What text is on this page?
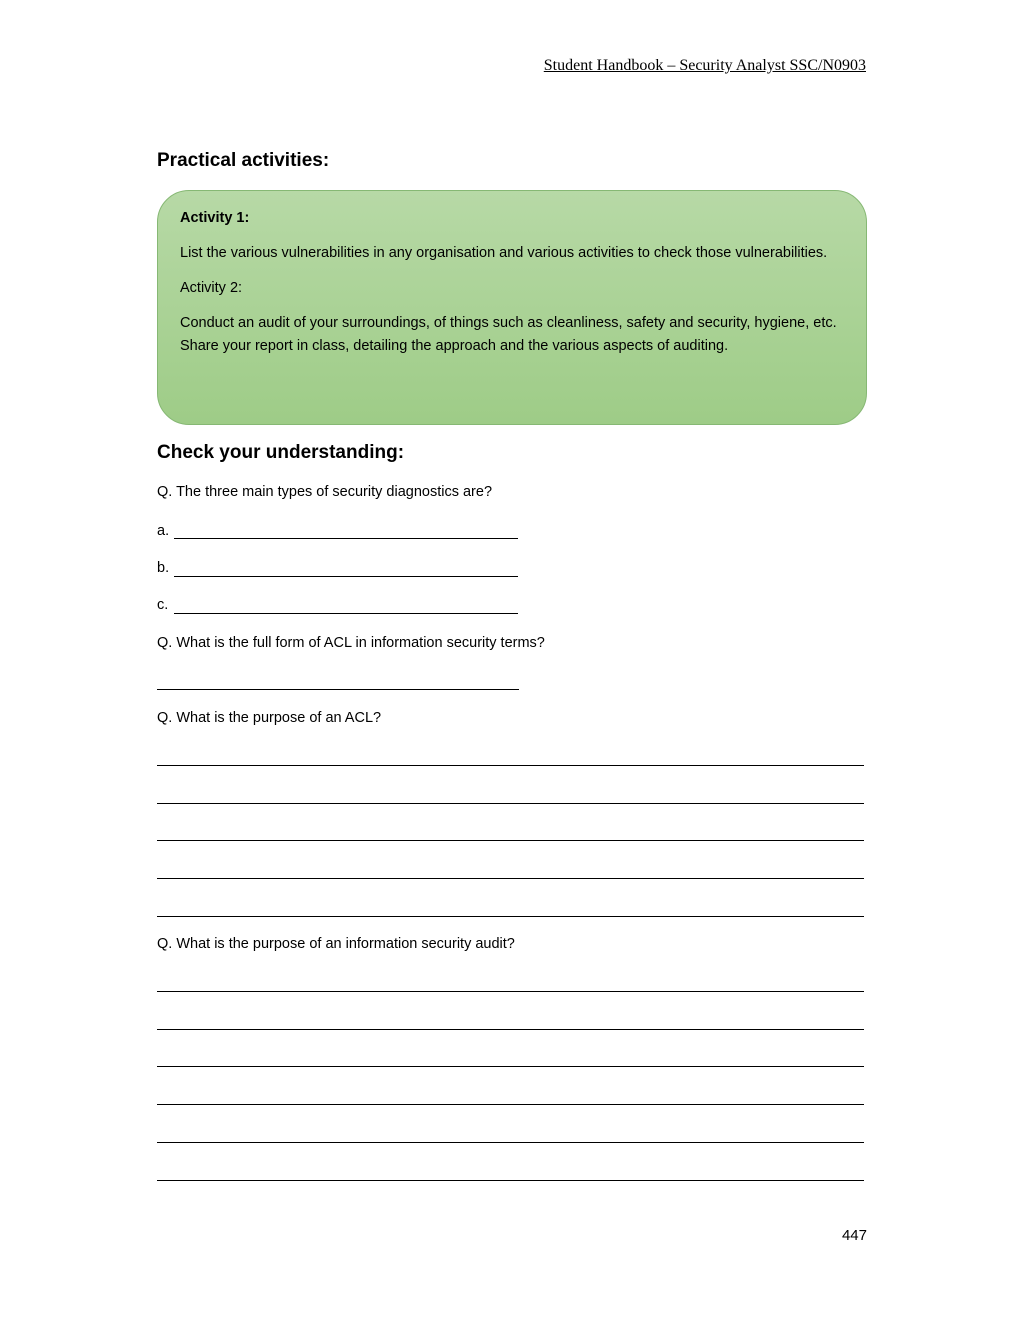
Student Handbook – Security Analyst SSC/N0903
Practical activities:

Activity 1:

List the various vulnerabilities in any organisation and various activities to check those vulnerabilities.

Activity 2:

Conduct an audit of your surroundings, of things such as cleanliness, safety and security, hygiene, etc. Share your report in class, detailing the approach and the various aspects of auditing.

Check your understanding:

Q. The three main types of security diagnostics are?

a.
b.
c.

Q. What is the full form of ACL in information security terms?

Q. What is the purpose of an ACL?

Q. What is the purpose of an information security audit?

447
